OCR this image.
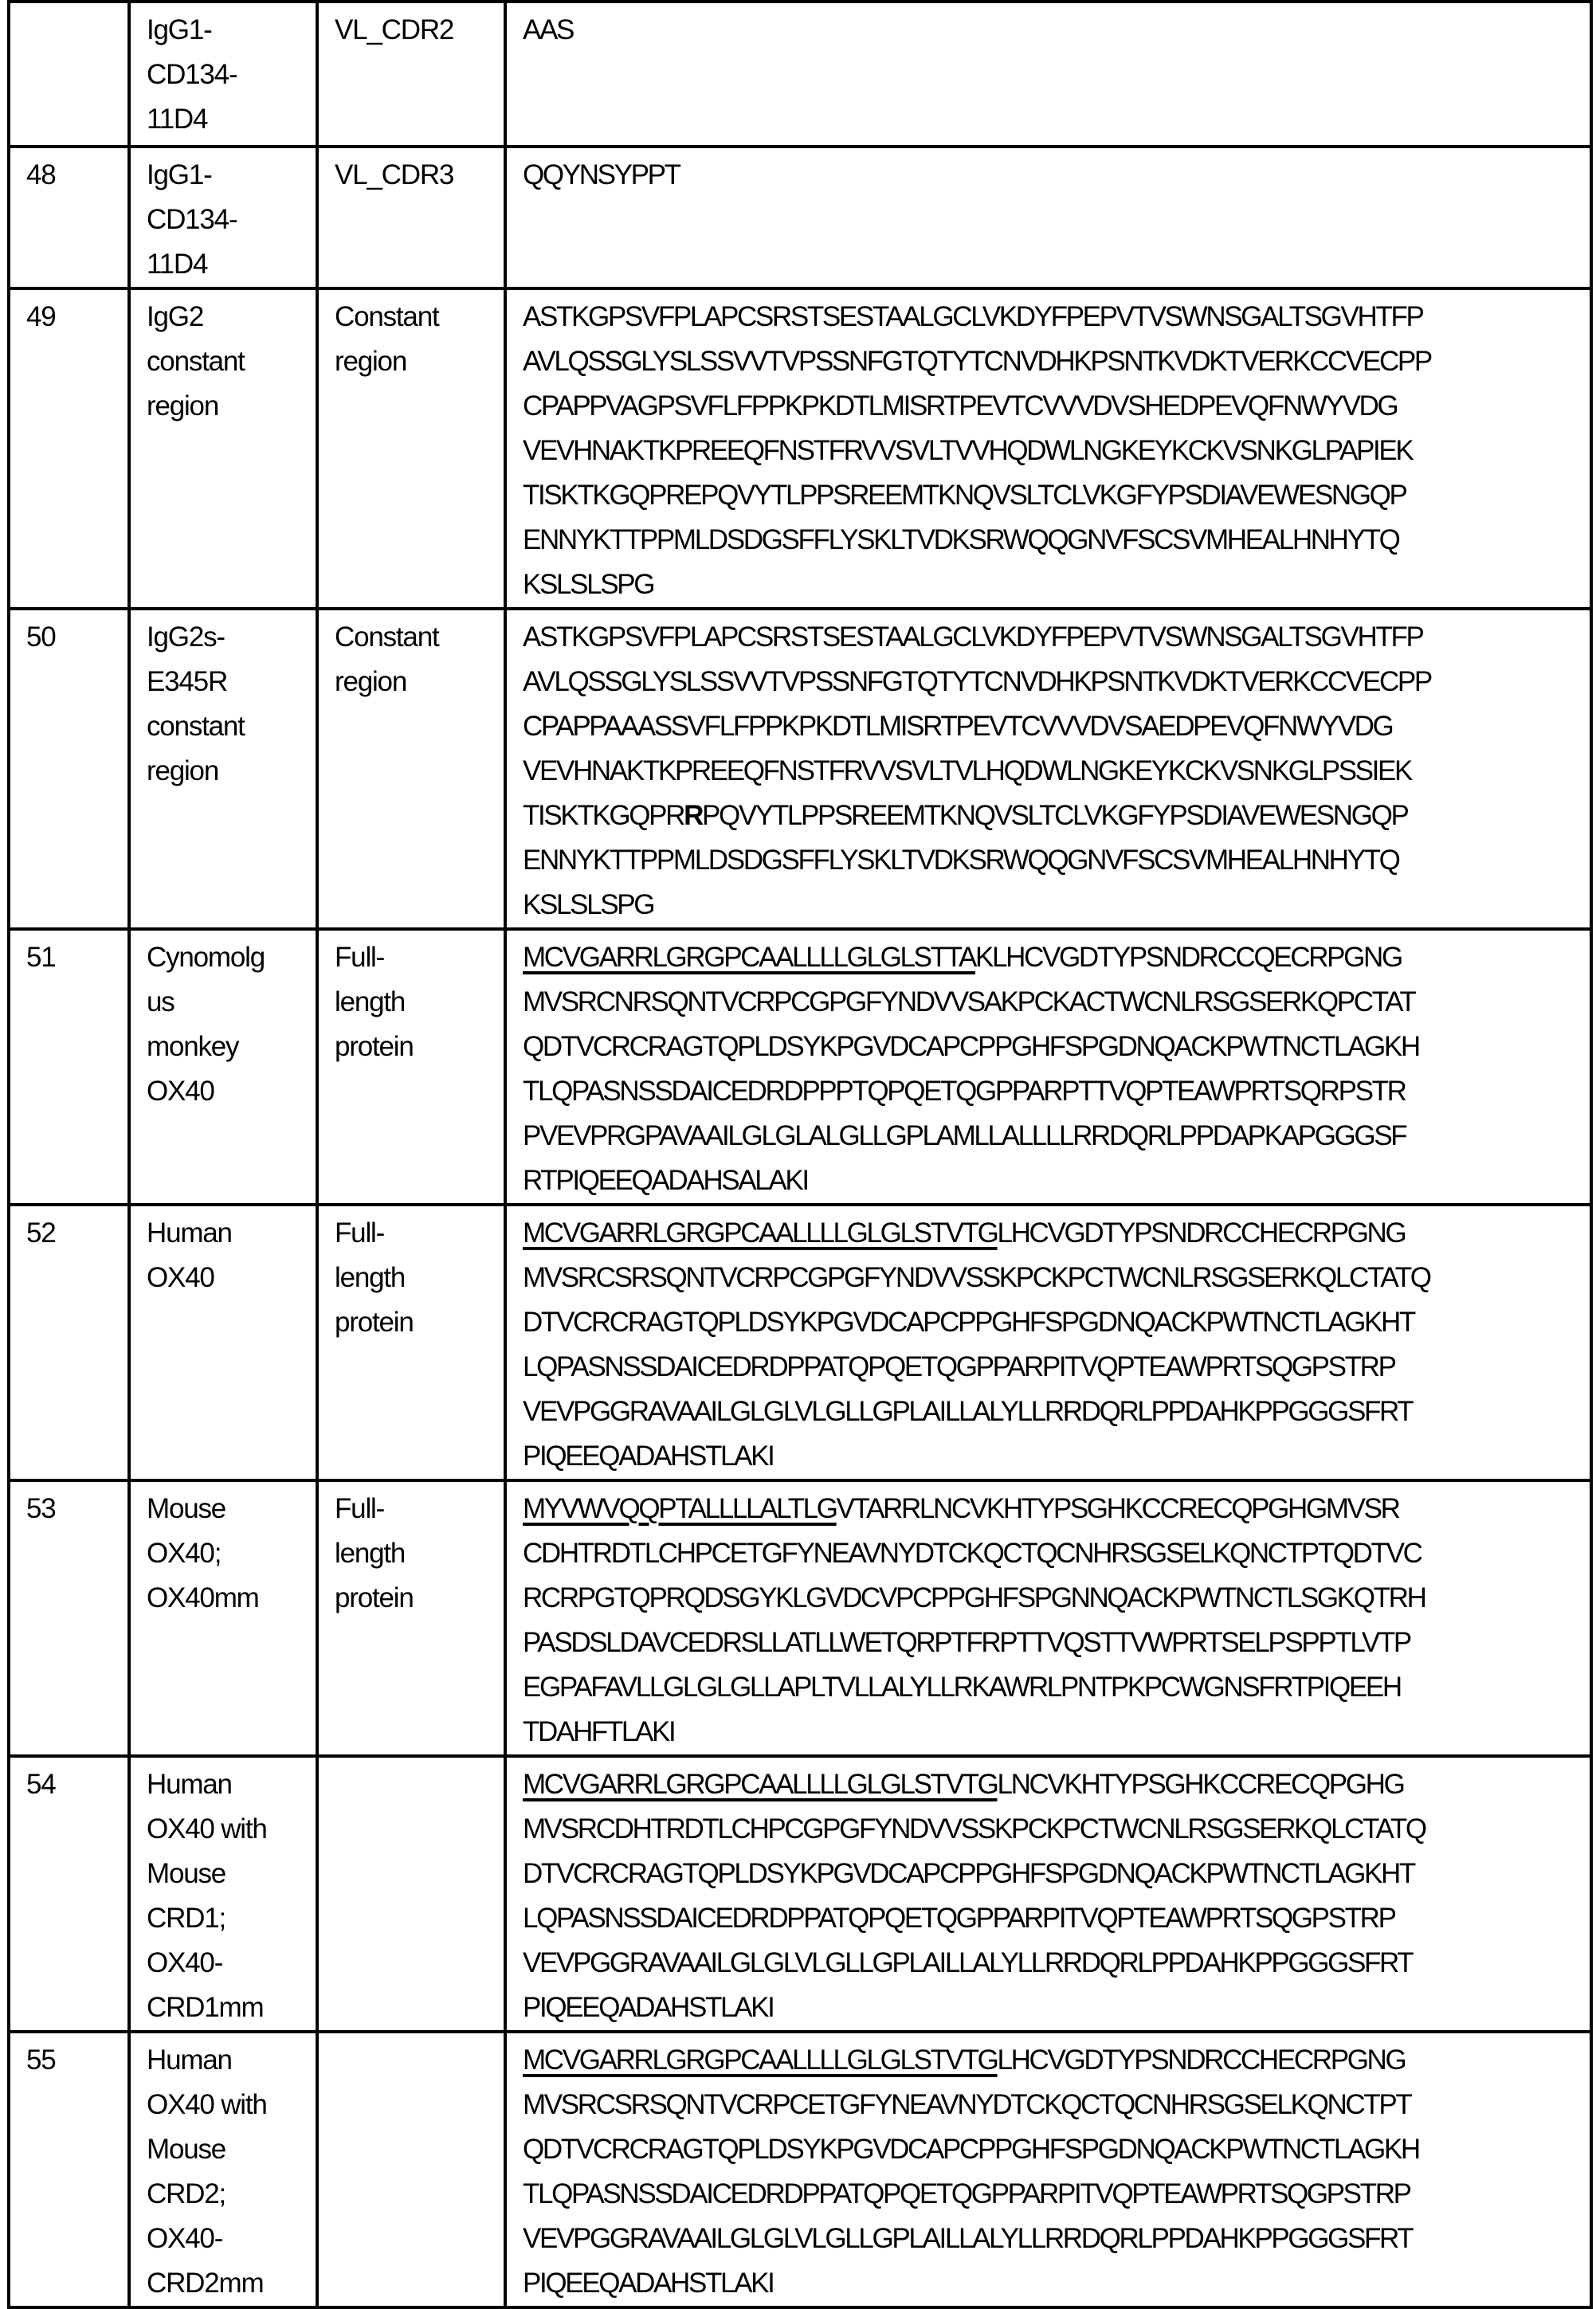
IgG1-
CD134-
11D4

VL_CDR2	AAS

48	IgG1-
CD134-
11D4

VL_CDR3	QQYNSYPPT

49	IgG2
constant
region

Constant
region

ASTKGPSVFPLAPCSRSTSESTAALGCLVKDYFPEPVTVSWNSGALTSGVHTFP
AVLQSSGLYSLSSVVTVPSSNFGTQTYTCNVDHKPSNTKVDKTVERKCCVECPP
CPAPPVAGPSVFLFPPKPKDTLMISRTPEVTCVVVDVSHEDPEVQFNWYVDG
VEVHNAKTKPREEQFNSTFRVVSVLTVVHQDWLNGKEYKCKVSNKGLPAPIEK
TISKTKGQPREPQVYTLPPSREEMTKNQVSLTCLVKGFYPSDIAVEWESNGQP
ENNYKTTPPMLDSDGSFFLYSKLTVDKSRWQQGNVFSCSVMHEALHNHYTQ
KSLSLSPG

50	IgG2s-
E345R
constant
region

Constant
region

ASTKGPSVFPLAPCSRSTSESTAALGCLVKDYFPEPVTVSWNSGALTSGVHTFP
AVLQSSGLYSLSSVVTVPSSNFGTQTYTCNVDHKPSNTKVDKTVERKCCVECPP
CPAPPAAASSVFLFPPKPKDTLMISRTPEVTCVVVDVSAEDPEVQFNWYVDG
VEVHNAKTKPREEQFNSTFRVVSVLTVLHQDWLNGKEYKCKVSNKGLPSSIEK
TISKTKGQPRRPQVYTLPPSREEMTKNQVSLTCLVKGFYPSDIAVEWESNGQP
ENNYKTTPPMLDSDGSFFLYSKLTVDKSRWQQGNVFSCSVMHEALHNHYTQ
KSLSLSPG

51	Cynomolg
us
monkey
OX40

Full-
length
protein

MCVGARRLGRGPCAALLLLGLGLSTTAKLHCVGDTYPSNDRCCQECRPGNG
MVSRCNRSQNTVCRPCGPGFYNDVVSAKPCKACTWCNLRSGSERKQPCTAT
QDTVCRCRAGTQPLDSYKPGVDCAPCPPGHFSPGDNQACKPWTNCTLAGKH
TLQPASNSSDAICEDRDPPPTQPQETQGPPARPTTVQPTEAWPRTSQRPSTR
PVEVPRGPAVAAILGLGLALGLLGPLAMLLALLLLRRDQRLPPDAPKAPGGGSF
RTPIQEEQADAHSALAKI

52	Human
OX40

Full-
length
protein

MCVGARRLGRGPCAALLLLGLGLSTVTGLHCVGDTYPSNDRCCHECRPGNG
MVSRCSRSQNTVCRPCGPGFYNDVVSSKPCKPCTWCNLRSGSERKQLCTATQ
DTVCRCRAGTQPLDSYKPGVDCAPCPPGHFSPGDNQACKPWTNCTLAGKHT
LQPASNSSDAICEDRDPPATQPQETQGPPARPITVQPTEAWPRTSQGPSTRP
VEVPGGRAVAAILGLGLVLGLLGPLAILLALYLLRRDQRLPPDAHKPPGGGSFRT
PIQEEQADAHSTLAKI

53	Mouse
OX40;
OX40mm

Full-
length
protein

MYVWVQQPTALLLLALTLGVTARRLNCVKHTYPSGHKCCRECQPGHGMVSR
CDHTRDTLCHPCETGFYNEAVNYDTCKQCTQCNHRSGSELKQNCTPTQDTVC
RCRPGTQPRQDSGYKLGVDCVPCPPGHFSPGNNQACKPWTNCTLSGKQTRH
PASDSLDAVCEDRSLLATLLWETQRPTFRPTTVQSTTVWPRTSELPSPPTLVTP
EGPAFAVLLGLGLGLLAPLTVLLALYLLRKAWRLPNTPKPCWGNSFRTPIQEEH
TDAHFTLAKI

54	Human
OX40 with
Mouse
CRD1;
OX40-
CRD1mm

MCVGARRLGRGPCAALLLLGLGLSTVTGLNCVKHTYPSGHKCCRECQPGHG
MVSRCDHTRDTLCHPCGPGFYNDVVSSKPCKPCTWCNLRSGSERKQLCTATQ
DTVCRCRAGTQPLDSYKPGVDCAPCPPGHFSPGDNQACKPWTNCTLAGKHT
LQPASNSSDAICEDRDPPATQPQETQGPPARPITVQPTEAWPRTSQGPSTRP
VEVPGGRAVAAILGLGLVLGLLGPLAILLALYLLRRDQRLPPDAHKPPGGGSFRT
PIQEEQADAHSTLAKI

55	Human
OX40 with
Mouse
CRD2;
OX40-
CRD2mm

MCVGARRLGRGPCAALLLLGLGLSTVTGLHCVGDTYPSNDRCCHECRPGNG
MVSRCSRSQNTVCRPCETGFYNEAVNYDTCKQCTQCNHRSGSELKQNCTPT
QDTVCRCRAGTQPLDSYKPGVDCAPCPPGHFSPGDNQACKPWTNCTLAGKH
TLQPASNSSDAICEDRDPPATQPQETQGPPARPITVQPTEAWPRTSQGPSTRP
VEVPGGRAVAAILGLGLVLGLLGPLAILLALYLLRRDQRLPPDAHKPPGGGSFRT
PIQEEQADAHSTLAKI
